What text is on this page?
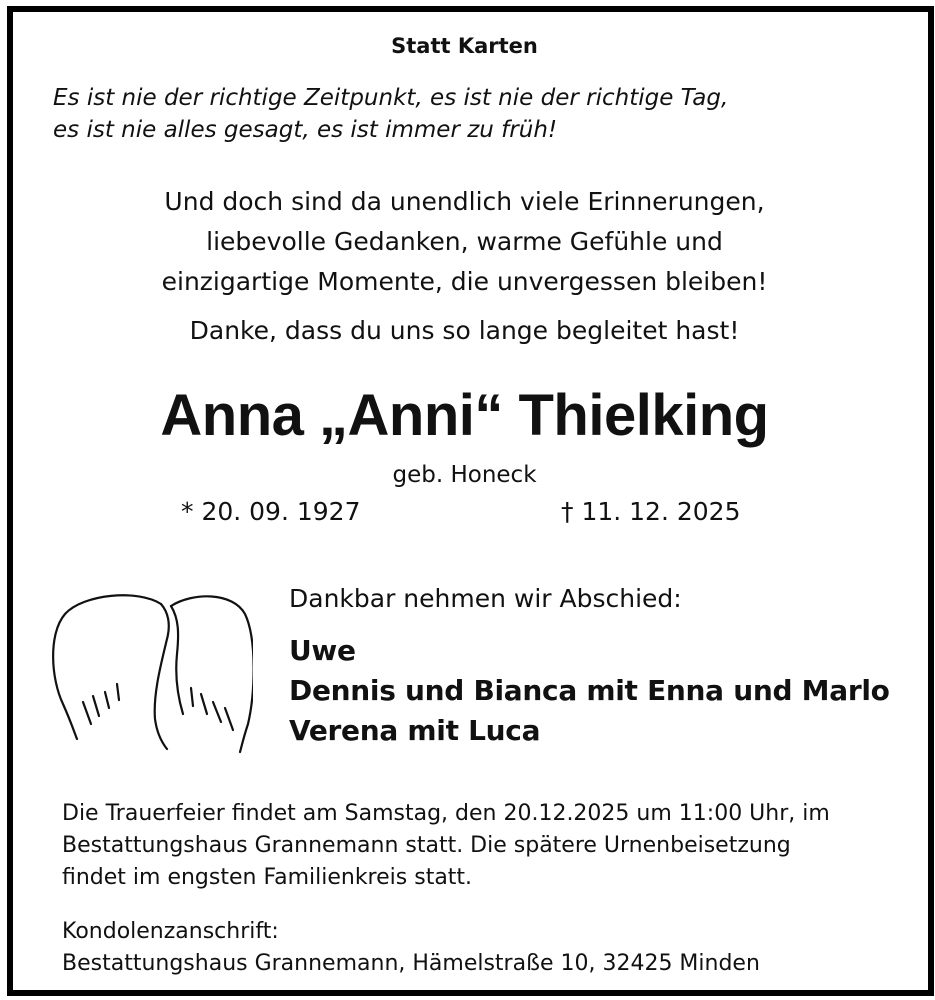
Statt Karten
Es ist nie der richtige Zeitpunkt, es ist nie der richtige Tag,
es ist nie alles gesagt, es ist immer zu früh!
Und doch sind da unendlich viele Erinnerungen,
liebevolle Gedanken, warme Gefühle und
einzigartige Momente, die unvergessen bleiben!
Danke, dass du uns so lange begleitet hast!
Anna „Anni“ Thielking
geb. Honeck
* 20. 09. 1927	† 11. 12. 2025
Dankbar nehmen wir Abschied:
Uwe
Dennis und Bianca mit Enna und Marlo
Verena mit Luca
Die Trauerfeier findet am Samstag, den 20.12.2025 um 11:00 Uhr, im
Bestattungshaus Grannemann statt. Die spätere Urnenbeisetzung
findet im engsten Familienkreis statt.
Kondolenzanschrift:
Bestattungshaus Grannemann, Hämelstraße 10, 32425 Minden
